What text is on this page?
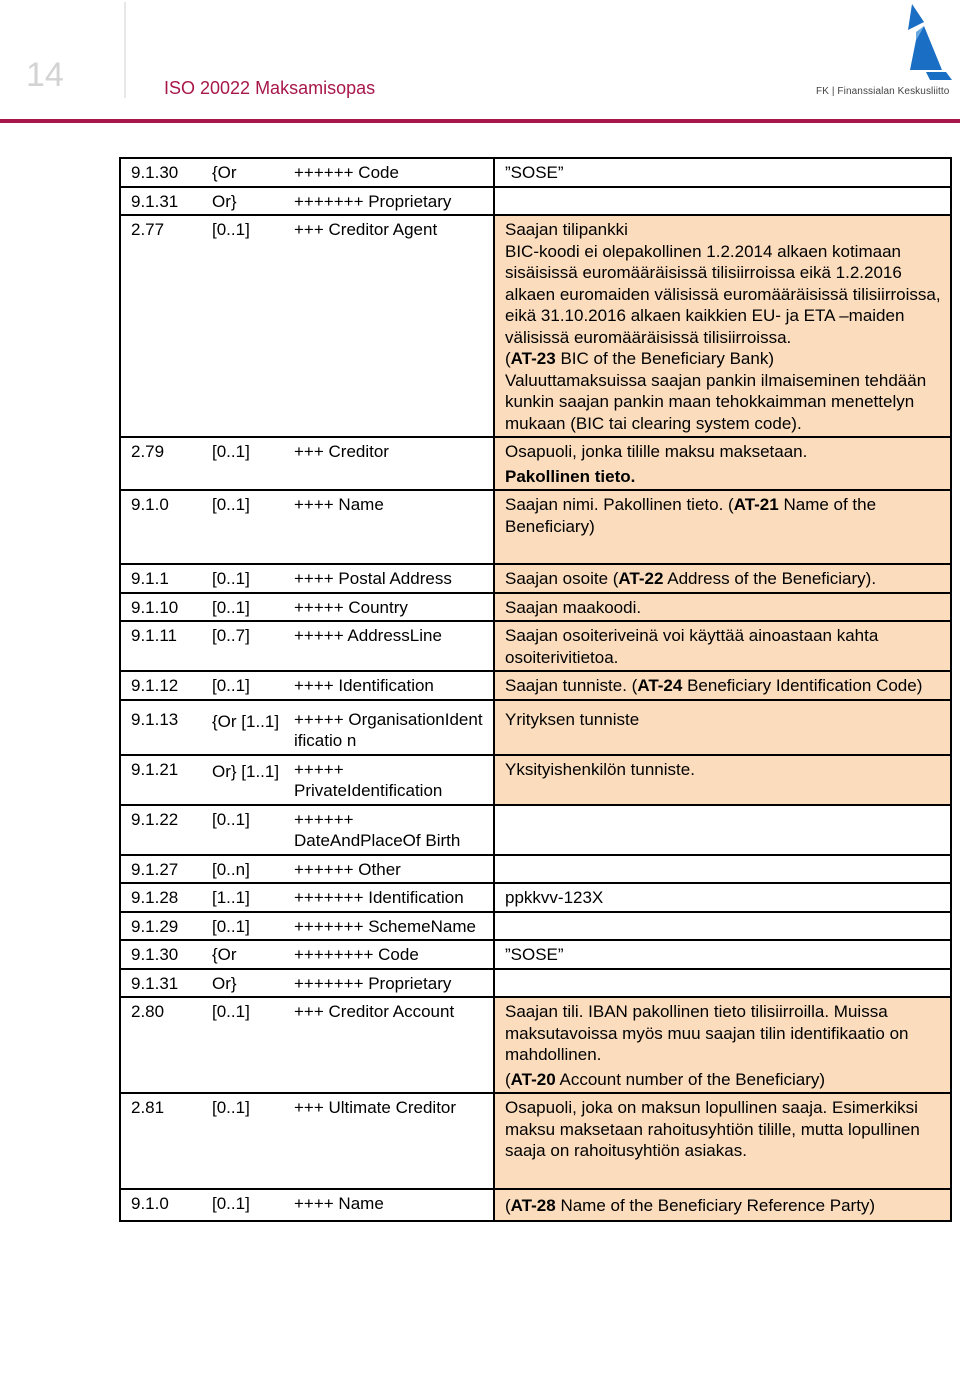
14	ISO 20022 Maksamisopas	FK | Finanssialan Keskusliitto
9.1.30	{Or	++++++ Code	”SOSE”
9.1.31	Or}	+++++++ Proprietary	
2.77	[0..1]	+++ Creditor Agent	Saajan tilipankki
BIC-koodi ei olepakollinen 1.2.2014 alkaen kotimaan sisäisissä euromääräisissä tilisiirroissa eikä 1.2.2016 alkaen euromaiden välisissä euromääräisissä tilisiirroissa, eikä 31.10.2016 alkaen kaikkien EU- ja ETA –maiden välisissä euromääräisissä tilisiirroissa.
(AT-23 BIC of the Beneficiary Bank)
Valuuttamaksuissa saajan pankin ilmaiseminen tehdään kunkin saajan pankin maan tehokkaimman menettelyn mukaan (BIC tai clearing system code).

2.79	[0..1]	+++ Creditor	Osapuoli, jonka tilille maksu maksetaan.
Pakollinen tieto.

9.1.0	[0..1]	++++ Name	Saajan nimi. Pakollinen tieto. (AT-21 Name of the Beneficiary)

9.1.1	[0..1]	++++ Postal Address	Saajan osoite (AT-22 Address of the Beneficiary).
9.1.10	[0..1]	+++++ Country	Saajan maakoodi.
9.1.11	[0..7]	+++++ AddressLine	Saajan osoiteriveinä voi käyttää ainoastaan kahta osoiterivitietoa.
9.1.12	[0..1]	++++ Identification	Saajan tunniste. (AT-24 Beneficiary Identification Code)
9.1.13	{Or [1..1]	+++++ OrganisationIdentificatio n	Yrityksen tunniste
9.1.21	Or} [1..1]	+++++ PrivateIdentification	Yksityishenkilön tunniste.
9.1.22	[0..1]	++++++ DateAndPlaceOf Birth	
9.1.27	[0..n]	++++++ Other	
9.1.28	[1..1]	+++++++ Identification	ppkkvv-123X
9.1.29	[0..1]	+++++++ SchemeName	
9.1.30	{Or	++++++++ Code	”SOSE”
9.1.31	Or}	+++++++ Proprietary	
2.80	[0..1]	+++ Creditor Account	Saajan tili. IBAN pakollinen tieto tilisiirroilla. Muissa maksutavoissa myös muu saajan tilin identifikaatio on mahdollinen.
(AT-20 Account number of the Beneficiary)

2.81	[0..1]	+++ Ultimate Creditor	Osapuoli, joka on maksun lopullinen saaja. Esimerkiksi maksu maksetaan rahoitusyhtiön tilille, mutta lopullinen saaja on rahoitusyhtiön asiakas.

9.1.0	[0..1]	++++ Name	(AT-28 Name of the Beneficiary Reference Party)
